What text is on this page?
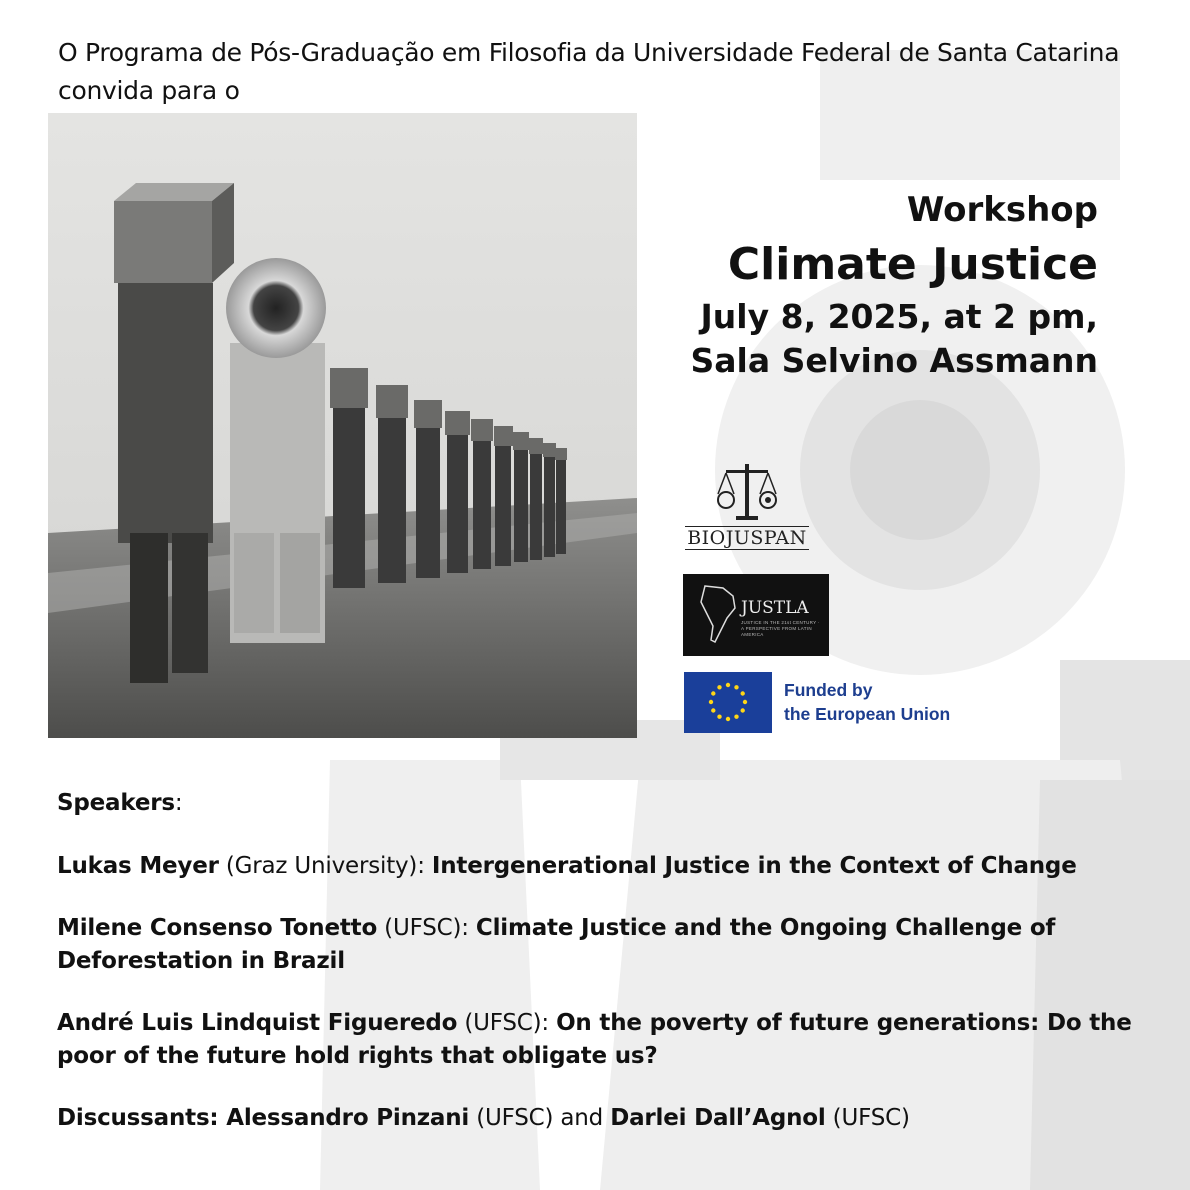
O Programa de Pós-Graduação em Filosofia da Universidade Federal de Santa Catarina convida para o
Workshop
Climate Justice
July 8, 2025, at 2 pm,
Sala Selvino Assmann
BIOJUSPAN
JUSTLA
JUSTICE IN THE 21st CENTURY · A PERSPECTIVE FROM LATIN AMERICA
Funded by
the European Union
Speakers:
Lukas Meyer (Graz University): Intergenerational Justice in the Context of Change
Milene Consenso Tonetto (UFSC): Climate Justice and the Ongoing Challenge of Deforestation in Brazil
André Luis Lindquist Figueredo (UFSC): On the poverty of future generations: Do the poor of the future hold rights that obligate us?
Discussants: Alessandro Pinzani (UFSC) and Darlei Dall’Agnol (UFSC)
